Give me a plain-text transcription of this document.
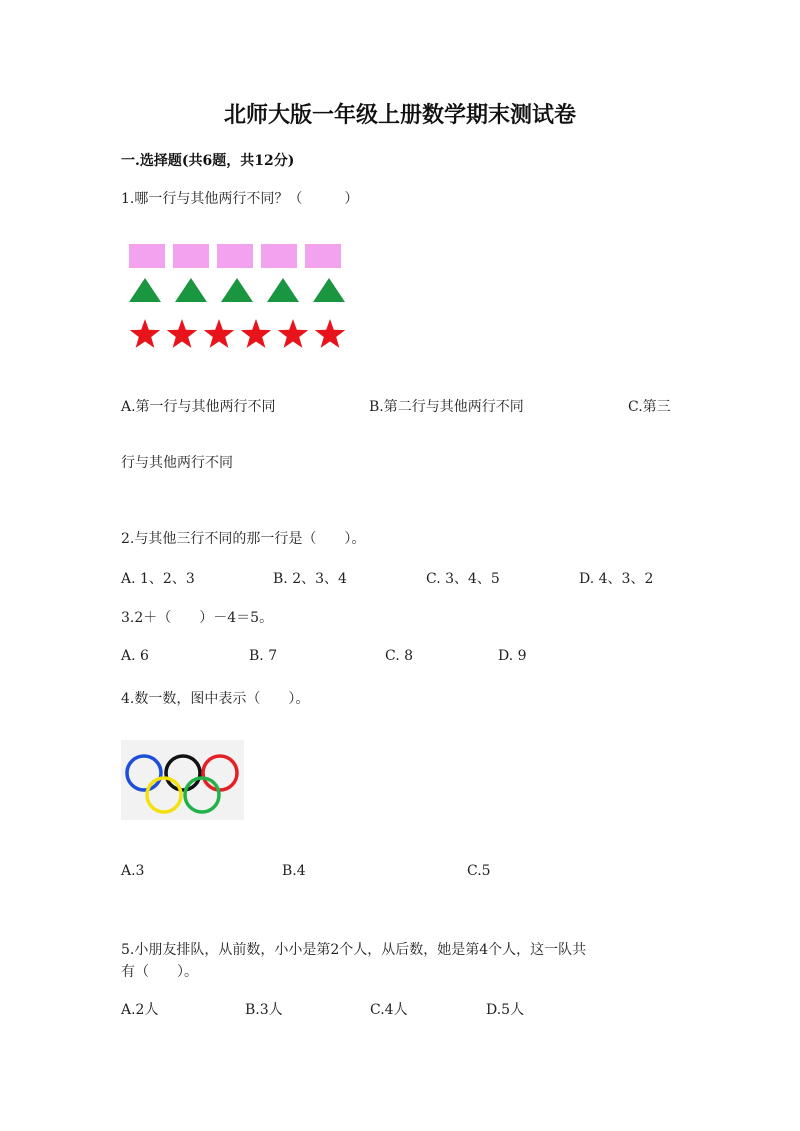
北师大版一年级上册数学期末测试卷
一.选择题(共6题，共12分)
1.哪一行与其他两行不同？（　　　）
A.第一行与其他两行不同	B.第二行与其他两行不同	C.第三
行与其他两行不同
2.与其他三行不同的那一行是（　　）。
A. 1、2、3	B. 2、3、4	C. 3、4、5	D. 4、3、2
3.2＋（　　）－4＝5。
A. 6	B. 7	C. 8	D. 9
4.数一数，图中表示（　　）。
A.3	B.4	C.5
5.小朋友排队，从前数，小小是第2个人，从后数，她是第4个人，这一队共
有（　　）。
A.2人	B.3人	C.4人	D.5人
